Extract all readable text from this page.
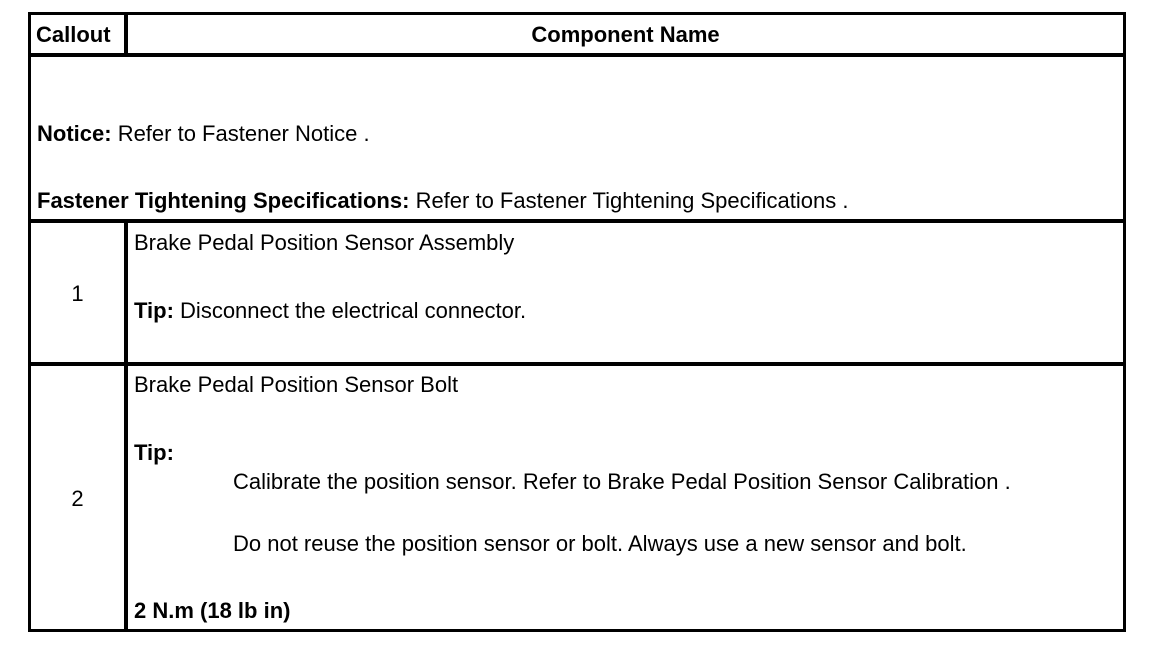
Callout	Component Name
Notice: Refer to Fastener Notice .
Fastener Tightening Specifications: Refer to Fastener Tightening Specifications .
1
Brake Pedal Position Sensor Assembly
Tip: Disconnect the electrical connector.
2
Brake Pedal Position Sensor Bolt
Tip:
Calibrate the position sensor. Refer to Brake Pedal Position Sensor Calibration .
Do not reuse the position sensor or bolt. Always use a new sensor and bolt.
2 N.m (18 lb in)
